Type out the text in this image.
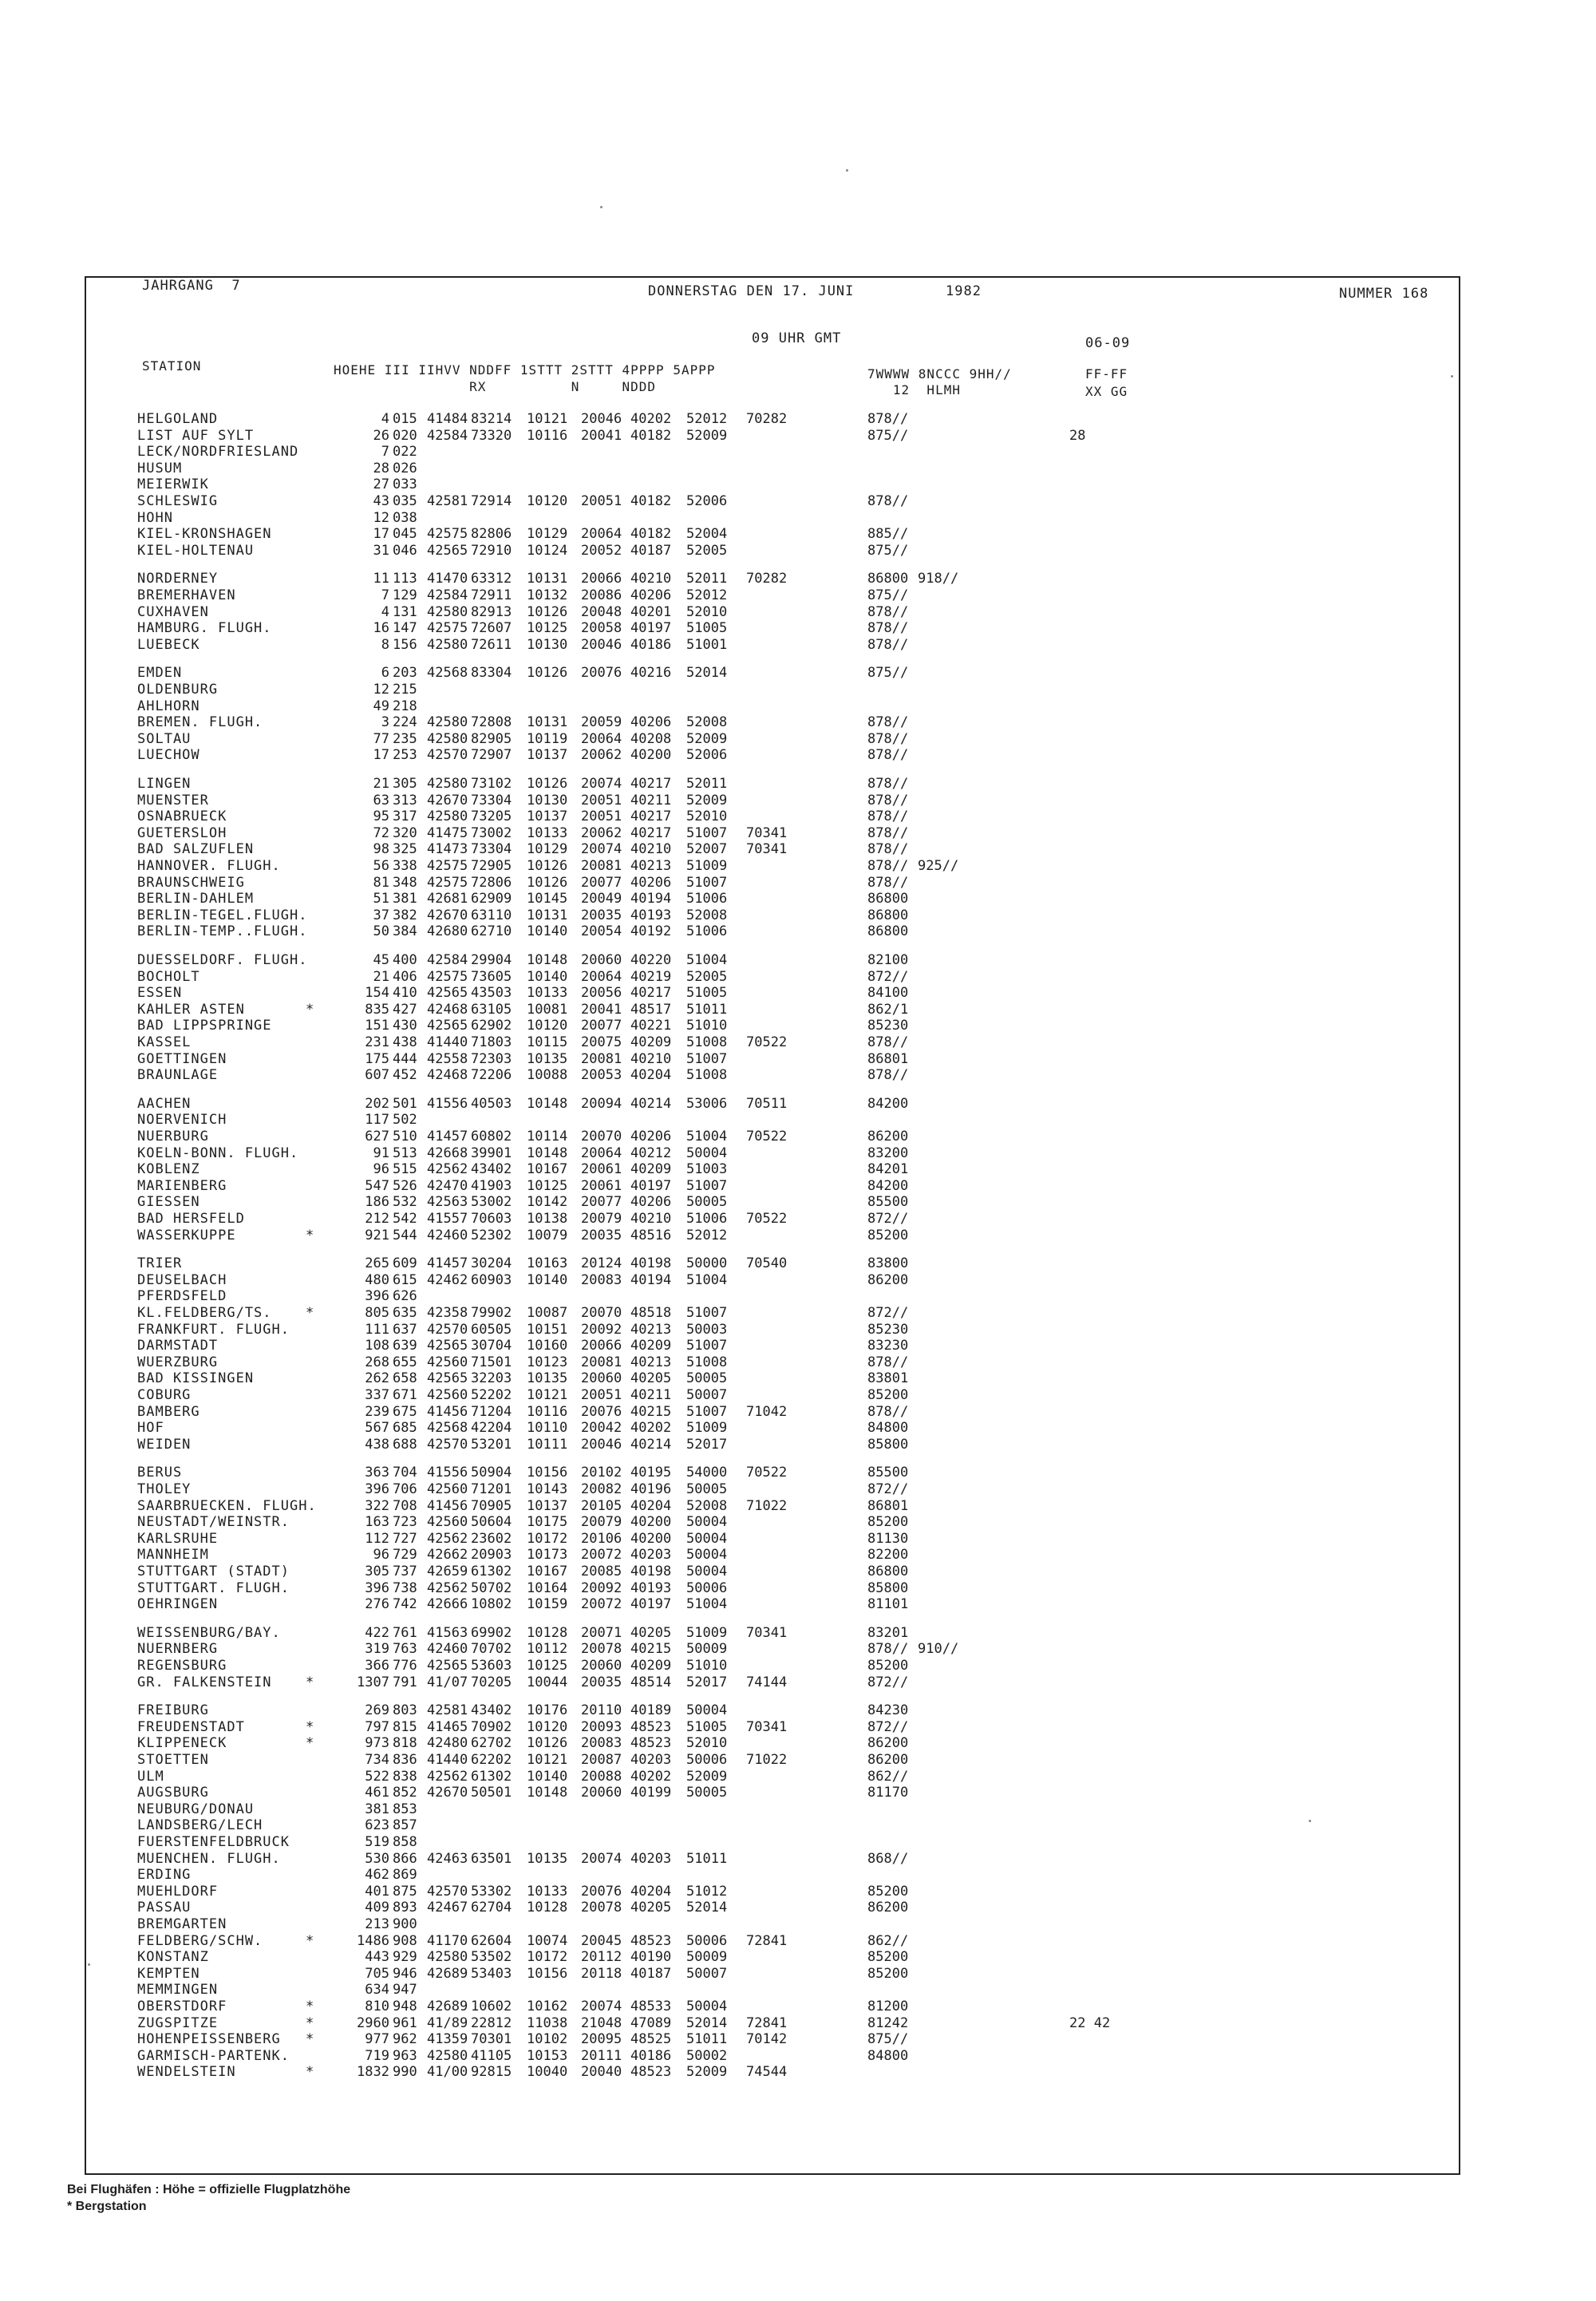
JAHRGANG  7	DONNERSTAG DEN 17. JUNI	1982	NUMMER 168
09 UHR GMT	06-09
STATION	HOEHE III IIHVV NDDFF 1STTT 2STTT 4PPPP 5APPP
RX          N     NDDD
7WWWW 8NCCC 9HH//
12  HLMH
FF-FF
XX GG
HELGOLAND	4 015 41484 83214 10121 20046 40202 52012 70282	878//
LIST AUF SYLT	26 020 42584 73320 10116 20041 40182 52009	875//	28
LECK/NORDFRIESLAND	7 022
HUSUM	28 026
MEIERWIK	27 033
SCHLESWIG	43 035 42581 72914 10120 20051 40182 52006	878//
HOHN	12 038
KIEL-KRONSHAGEN	17 045 42575 82806 10129 20064 40182 52004	885//
KIEL-HOLTENAU	31 046 42565 72910 10124 20052 40187 52005	875//
NORDERNEY	11 113 41470 63312 10131 20066 40210 52011 70282	86800 918//
BREMERHAVEN	7 129 42584 72911 10132 20086 40206 52012	875//
CUXHAVEN	4 131 42580 82913 10126 20048 40201 52010	878//
HAMBURG. FLUGH.	16 147 42575 72607 10125 20058 40197 51005	878//
LUEBECK	8 156 42580 72611 10130 20046 40186 51001	878//
EMDEN	6 203 42568 83304 10126 20076 40216 52014	875//
OLDENBURG	12 215
AHLHORN	49 218
BREMEN. FLUGH.	3 224 42580 72808 10131 20059 40206 52008	878//
SOLTAU	77 235 42580 82905 10119 20064 40208 52009	878//
LUECHOW	17 253 42570 72907 10137 20062 40200 52006	878//
LINGEN	21 305 42580 73102 10126 20074 40217 52011	878//
MUENSTER	63 313 42670 73304 10130 20051 40211 52009	878//
OSNABRUECK	95 317 42580 73205 10137 20051 40217 52010	878//
GUETERSLOH	72 320 41475 73002 10133 20062 40217 51007 70341	878//
BAD SALZUFLEN	98 325 41473 73304 10129 20074 40210 52007 70341	878//
HANNOVER. FLUGH.	56 338 42575 72905 10126 20081 40213 51009	878// 925//
BRAUNSCHWEIG	81 348 42575 72806 10126 20077 40206 51007	878//
BERLIN-DAHLEM	51 381 42681 62909 10145 20049 40194 51006	86800
BERLIN-TEGEL.FLUGH.	37 382 42670 63110 10131 20035 40193 52008	86800
BERLIN-TEMP..FLUGH.	50 384 42680 62710 10140 20054 40192 51006	86800
DUESSELDORF. FLUGH.	45 400 42584 29904 10148 20060 40220 51004	82100
BOCHOLT	21 406 42575 73605 10140 20064 40219 52005	872//
ESSEN	154 410 42565 43503 10133 20056 40217 51005	84100
KAHLER ASTEN	*	835 427 42468 63105 10081 20041 48517 51011	862/1
BAD LIPPSPRINGE	151 430 42565 62902 10120 20077 40221 51010	85230
KASSEL	231 438 41440 71803 10115 20075 40209 51008 70522	878//
GOETTINGEN	175 444 42558 72303 10135 20081 40210 51007	86801
BRAUNLAGE	607 452 42468 72206 10088 20053 40204 51008	878//
AACHEN	202 501 41556 40503 10148 20094 40214 53006 70511	84200
NOERVENICH	117 502
NUERBURG	627 510 41457 60802 10114 20070 40206 51004 70522	86200
KOELN-BONN. FLUGH.	91 513 42668 39901 10148 20064 40212 50004	83200
KOBLENZ	96 515 42562 43402 10167 20061 40209 51003	84201
MARIENBERG	547 526 42470 41903 10125 20061 40197 51007	84200
GIESSEN	186 532 42563 53002 10142 20077 40206 50005	85500
BAD HERSFELD	212 542 41557 70603 10138 20079 40210 51006 70522	872//
WASSERKUPPE	*	921 544 42460 52302 10079 20035 48516 52012	85200
TRIER	265 609 41457 30204 10163 20124 40198 50000 70540	83800
DEUSELBACH	480 615 42462 60903 10140 20083 40194 51004	86200
PFERDSFELD	396 626
KL.FELDBERG/TS. *	805 635 42358 79902 10087 20070 48518 51007	872//
FRANKFURT. FLUGH.	111 637 42570 60505 10151 20092 40213 50003	85230
DARMSTADT	108 639 42565 30704 10160 20066 40209 51007	83230
WUERZBURG	268 655 42560 71501 10123 20081 40213 51008	878//
BAD KISSINGEN	262 658 42565 32203 10135 20060 40205 50005	83801
COBURG	337 671 42560 52202 10121 20051 40211 50007	85200
BAMBERG	239 675 41456 71204 10116 20076 40215 51007 71042	878//
HOF	567 685 42568 42204 10110 20042 40202 51009	84800
WEIDEN	438 688 42570 53201 10111 20046 40214 52017	85800
BERUS	363 704 41556 50904 10156 20102 40195 54000 70522	85500
THOLEY	396 706 42560 71201 10143 20082 40196 50005	872//
SAARBRUECKEN. FLUGH.	322 708 41456 70905 10137 20105 40204 52008 71022	86801
NEUSTADT/WEINSTR.	163 723 42560 50604 10175 20079 40200 50004	85200
KARLSRUHE	112 727 42562 23602 10172 20106 40200 50004	81130
MANNHEIM	96 729 42662 20903 10173 20072 40203 50004	82200
STUTTGART (STADT)	305 737 42659 61302 10167 20085 40198 50004	86800
STUTTGART. FLUGH.	396 738 42562 50702 10164 20092 40193 50006	85800
OEHRINGEN	276 742 42666 10802 10159 20072 40197 51004	81101
WEISSENBURG/BAY.	422 761 41563 69902 10128 20071 40205 51009 70341	83201
NUERNBERG	319 763 42460 70702 10112 20078 40215 50009	878// 910//
REGENSBURG	366 776 42565 53603 10125 20060 40209 51010	85200
GR. FALKENSTEIN *	1307 791 41/07 70205 10044 20035 48514 52017 74144	872//
FREIBURG	269 803 42581 43402 10176 20110 40189 50004	84230
FREUDENSTADT	*	797 815 41465 70902 10120 20093 48523 51005 70341	872//
KLIPPENECK	*	973 818 42480 62702 10126 20083 48523 52010	86200
STOETTEN	734 836 41440 62202 10121 20087 40203 50006 71022	86200
ULM	522 838 42562 61302 10140 20088 40202 52009	862//
AUGSBURG	461 852 42670 50501 10148 20060 40199 50005	81170
NEUBURG/DONAU	381 853
LANDSBERG/LECH	623 857
FUERSTENFELDBRUCK	519 858
MUENCHEN. FLUGH.	530 866 42463 63501 10135 20074 40203 51011	868//
ERDING	462 869
MUEHLDORF	401 875 42570 53302 10133 20076 40204 51012	85200
PASSAU	409 893 42467 62704 10128 20078 40205 52014	86200
BREMGARTEN	213 900
FELDBERG/SCHW.	*	1486 908 41170 62604 10074 20045 48523 50006 72841	862//
KONSTANZ	443 929 42580 53502 10172 20112 40190 50009	85200
KEMPTEN	705 946 42689 53403 10156 20118 40187 50007	85200
MEMMINGEN	634 947
OBERSTDORF	*	810 948 42689 10602 10162 20074 48533 50004	81200
ZUGSPITZE	*	2960 961 41/89 22812 11038 21048 47089 52014 72841	81242	22 42
HOHENPEISSENBERG *	977 962 41359 70301 10102 20095 48525 51011 70142	875//
GARMISCH-PARTENK.	719 963 42580 41105 10153 20111 40186 50002	84800
WENDELSTEIN	*	1832 990 41/00 92815 10040 20040 48523 52009 74544
Bei Flughäfen : Höhe = offizielle Flugplatzhöhe
* Bergstation
